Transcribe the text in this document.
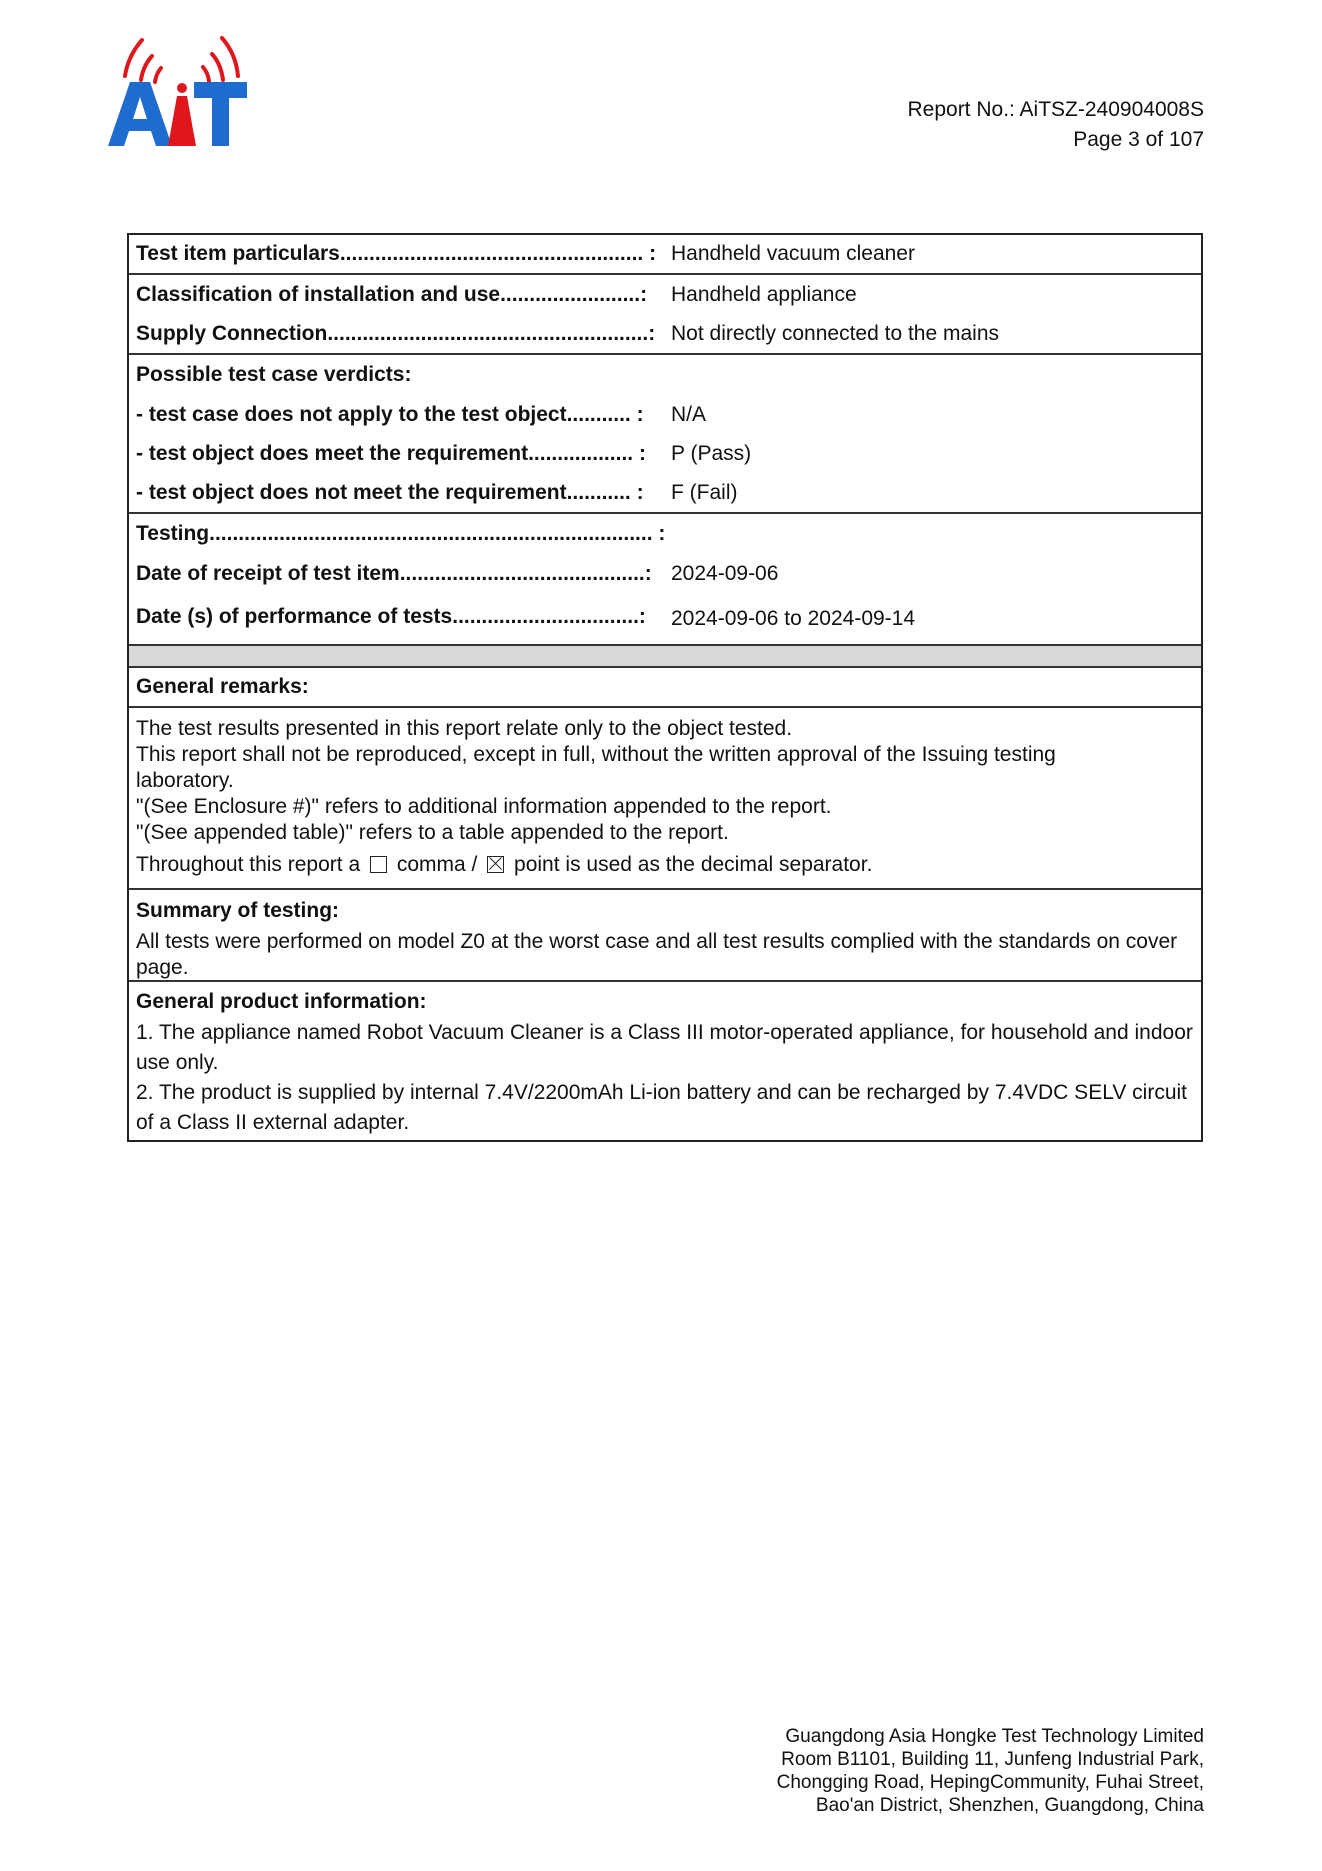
Report No.: AiTSZ-240904008S
Page 3 of 107
Test item particulars.................................................... : Handheld vacuum cleaner
Classification of installation and use........................:	Handheld appliance
Supply Connection.......................................................: Not directly connected to the mains
Possible test case verdicts:
- test case does not apply to the test object........... :	N/A
- test object does meet the requirement.................. :	P (Pass)
- test object does not meet the requirement........... :	F (Fail)
Testing............................................................................ :
Date of receipt of test item..........................................: 2024-09-06
Date (s) of performance of tests................................:	2024-09-06 to 2024-09-14
General remarks:
The test results presented in this report relate only to the object tested.
This report shall not be reproduced, except in full, without the written approval of the Issuing testing laboratory.
"(See Enclosure #)" refers to additional information appended to the report.
"(See appended table)" refers to a table appended to the report.
Throughout this report a comma / point is used as the decimal separator.
Summary of testing:
All tests were performed on model Z0 at the worst case and all test results complied with the standards on cover page.
General product information:
1. The appliance named Robot Vacuum Cleaner is a Class III motor-operated appliance, for household and indoor use only.
2. The product is supplied by internal 7.4V/2200mAh Li-ion battery and can be recharged by 7.4VDC SELV circuit of a Class II external adapter.
Guangdong Asia Hongke Test Technology Limited
Room B1101, Building 11, Junfeng Industrial Park,
Chongging Road, HepingCommunity, Fuhai Street,
Bao'an District, Shenzhen, Guangdong, China
